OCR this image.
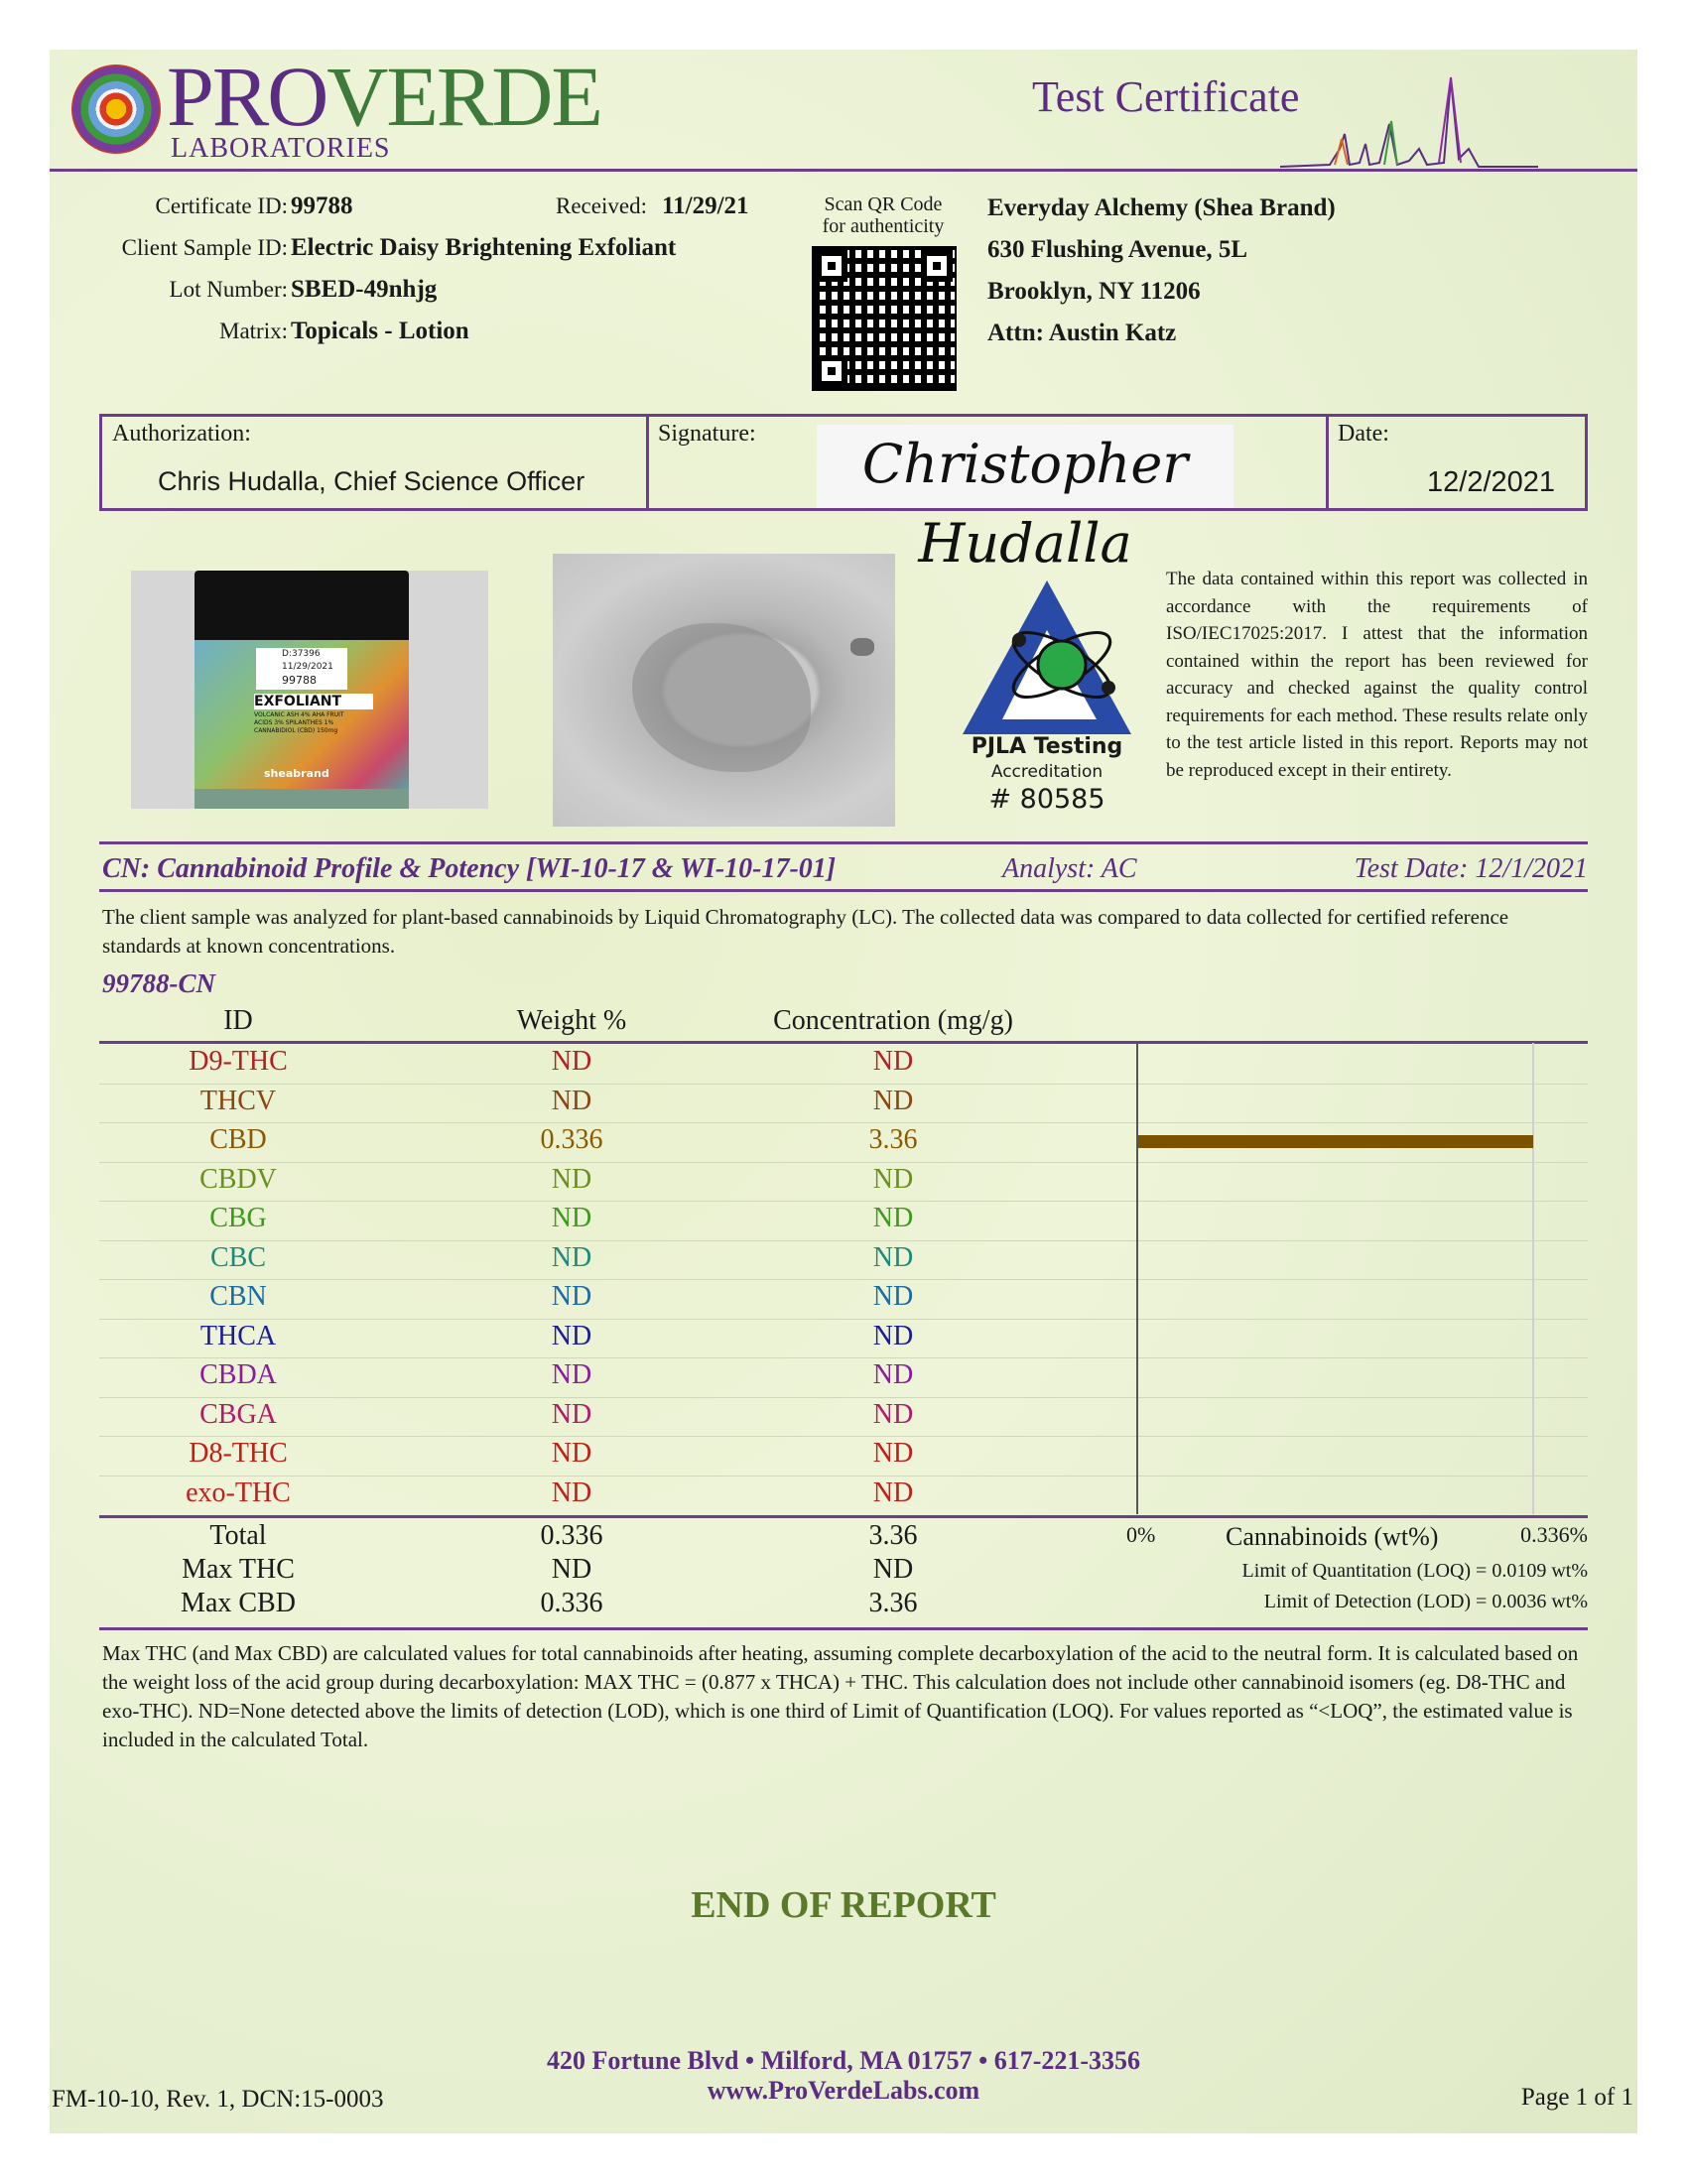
PROVERDE
LABORATORIES
Test Certificate
Certificate ID: 99788	Received: 11/29/21
Client Sample ID: Electric Daisy Brightening Exfoliant
Lot Number: SBED-49nhjg
Matrix: Topicals - Lotion
Scan QR Code
for authenticity
Everyday Alchemy (Shea Brand)
630 Flushing Avenue, 5L
Brooklyn, NY 11206
Attn: Austin Katz
Authorization:
Chris Hudalla, Chief Science Officer
Signature:	Christopher Hudalla
Date:
12/2/2021
D:37396
11/29/2021
99788
EXFOLIANT
VOLCANIC ASH 4% AHA FRUIT ACIDS 3% SPILANTHES 1% CANNABIDIOL (CBD) 150mg
sheabrand
PJLA Testing
Accreditation
# 80585
The data contained within this report was collected in accordance with the requirements of ISO/IEC17025:2017. I attest that the information contained within the report has been reviewed for accuracy and checked against the quality control requirements for each method. These results relate only to the test article listed in this report. Reports may not be reproduced except in their entirety.
CN: Cannabinoid Profile & Potency [WI-10-17 & WI-10-17-01]	Analyst: AC	Test Date: 12/1/2021
The client sample was analyzed for plant-based cannabinoids by Liquid Chromatography (LC). The collected data was compared to data collected for certified reference standards at known concentrations.
99788-CN
ID	Weight %	Concentration (mg/g)
D9-THC	ND	ND
THCV	ND	ND
CBD	0.336	3.36
CBDV	ND	ND
CBG	ND	ND
CBC	ND	ND
CBN	ND	ND
THCA	ND	ND
CBDA	ND	ND
CBGA	ND	ND
D8-THC	ND	ND
exo-THC	ND	ND
Total	0.336	3.36
Max THC	ND	ND
Max CBD	0.336	3.36
0%	Cannabinoids (wt%)	0.336%
Limit of Quantitation (LOQ) = 0.0109 wt%
Limit of Detection (LOD) = 0.0036 wt%
Max THC (and Max CBD) are calculated values for total cannabinoids after heating, assuming complete decarboxylation of the acid to the neutral form. It is calculated based on the weight loss of the acid group during decarboxylation: MAX THC = (0.877 x THCA) + THC. This calculation does not include other cannabinoid isomers (eg. D8-THC and exo-THC). ND=None detected above the limits of detection (LOD), which is one third of Limit of Quantification (LOQ). For values reported as “<LOQ”, the estimated value is included in the calculated Total.
END OF REPORT
420 Fortune Blvd • Milford, MA 01757 • 617-221-3356
www.ProVerdeLabs.com
FM-10-10, Rev. 1, DCN:15-0003	Page 1 of 1
